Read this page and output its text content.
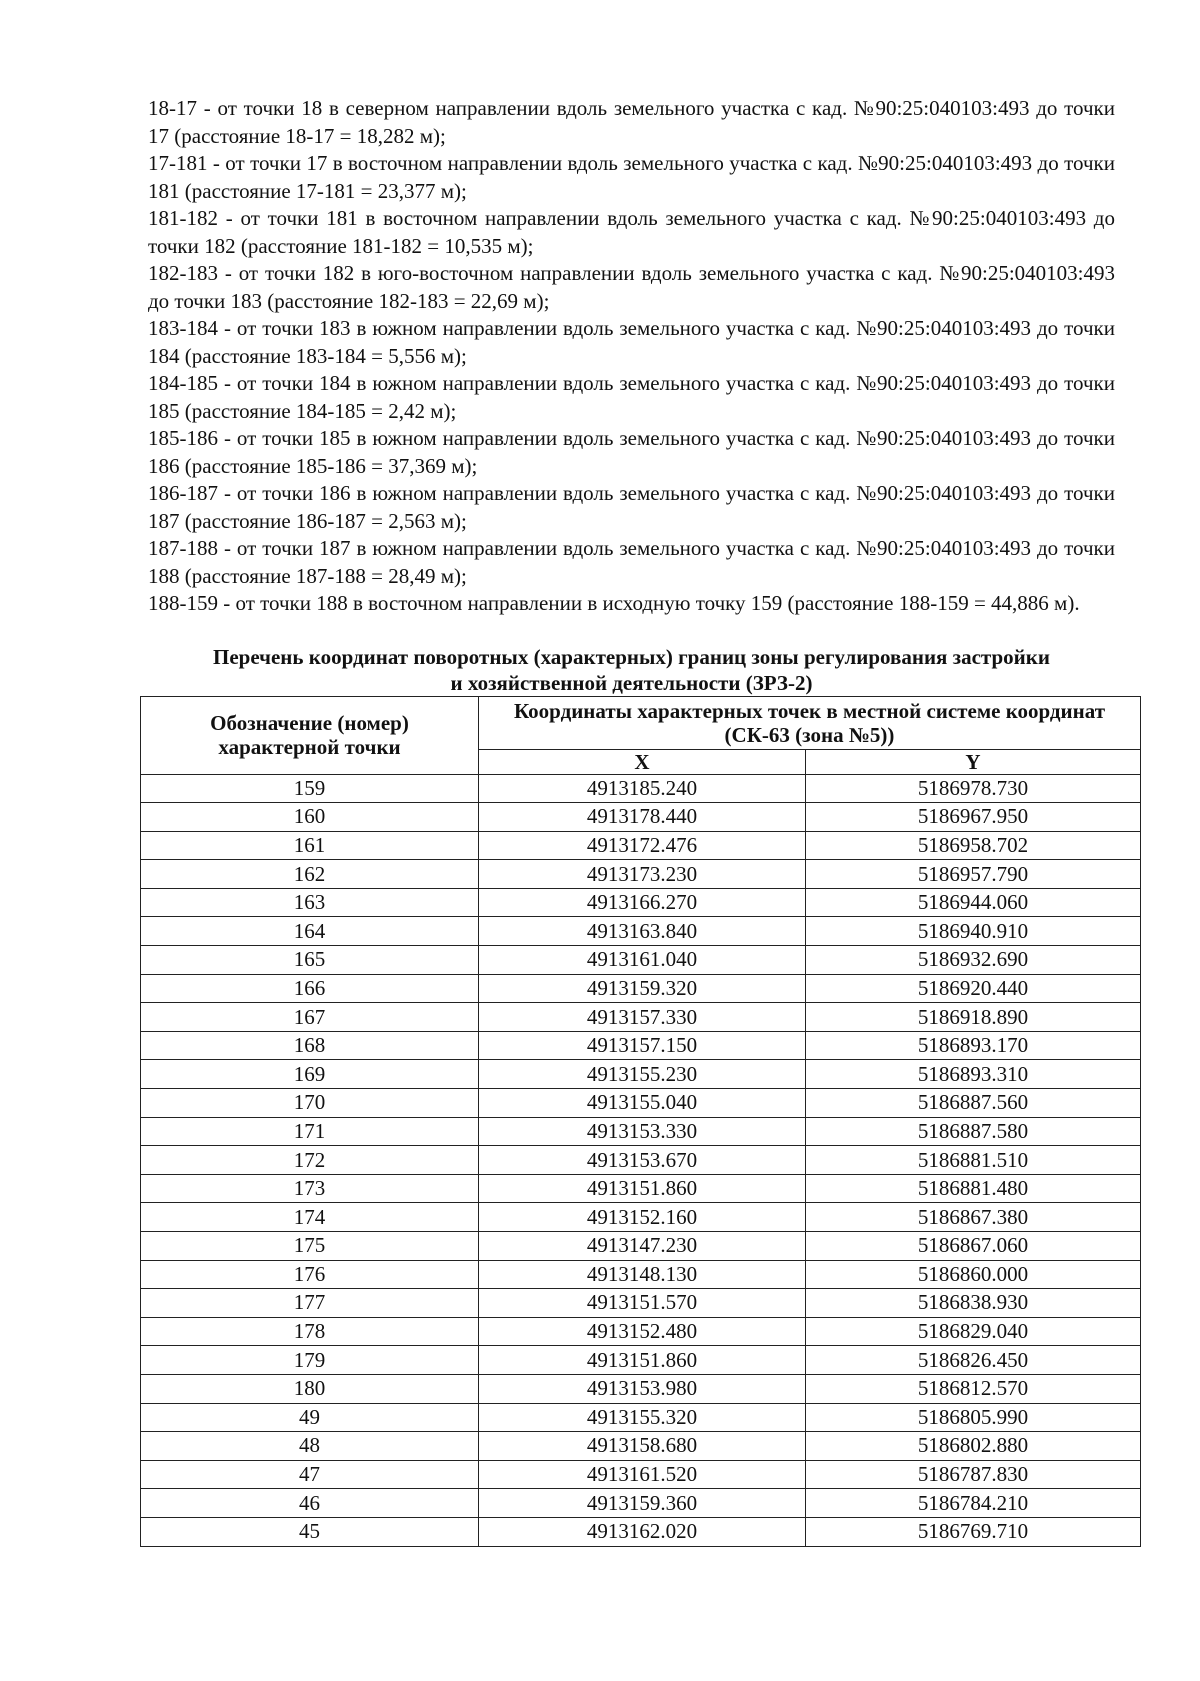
18-17 - от точки 18 в северном направлении вдоль земельного участка с кад. №90:25:040103:493 до точки 17 (расстояние 18-17 = 18,282 м);

17-181 - от точки 17 в восточном направлении вдоль земельного участка с кад. №90:25:040103:493 до точки 181 (расстояние 17-181 = 23,377 м);

181-182 - от точки 181 в восточном направлении вдоль земельного участка с кад. №90:25:040103:493 до точки 182 (расстояние 181-182 = 10,535 м);

182-183 - от точки 182 в юго-восточном направлении вдоль земельного участка с кад. №90:25:040103:493 до точки 183 (расстояние 182-183 = 22,69 м);

183-184 - от точки 183 в южном направлении вдоль земельного участка с кад. №90:25:040103:493 до точки 184 (расстояние 183-184 = 5,556 м);

184-185 - от точки 184 в южном направлении вдоль земельного участка с кад. №90:25:040103:493 до точки 185 (расстояние 184-185 = 2,42 м);

185-186 - от точки 185 в южном направлении вдоль земельного участка с кад. №90:25:040103:493 до точки 186 (расстояние 185-186 = 37,369 м);

186-187 - от точки 186 в южном направлении вдоль земельного участка с кад. №90:25:040103:493 до точки 187 (расстояние 186-187 = 2,563 м);

187-188 - от точки 187 в южном направлении вдоль земельного участка с кад. №90:25:040103:493 до точки 188 (расстояние 187-188 = 28,49 м);

188-159 - от точки 188 в восточном направлении в исходную точку 159 (расстояние 188-159 = 44,886 м).

Перечень координат поворотных (характерных) границ зоны регулирования застройки
и хозяйственной деятельности (ЗРЗ-2)
Обозначение (номер) характерной точки	Координаты характерных точек в местной системе координат (СК-63 (зона №5))	
	X	Y
159	4913185.240	5186978.730
160	4913178.440	5186967.950
161	4913172.476	5186958.702
162	4913173.230	5186957.790
163	4913166.270	5186944.060
164	4913163.840	5186940.910
165	4913161.040	5186932.690
166	4913159.320	5186920.440
167	4913157.330	5186918.890
168	4913157.150	5186893.170
169	4913155.230	5186893.310
170	4913155.040	5186887.560
171	4913153.330	5186887.580
172	4913153.670	5186881.510
173	4913151.860	5186881.480
174	4913152.160	5186867.380
175	4913147.230	5186867.060
176	4913148.130	5186860.000
177	4913151.570	5186838.930
178	4913152.480	5186829.040
179	4913151.860	5186826.450
180	4913153.980	5186812.570
49	4913155.320	5186805.990
48	4913158.680	5186802.880
47	4913161.520	5186787.830
46	4913159.360	5186784.210
45	4913162.020	5186769.710
